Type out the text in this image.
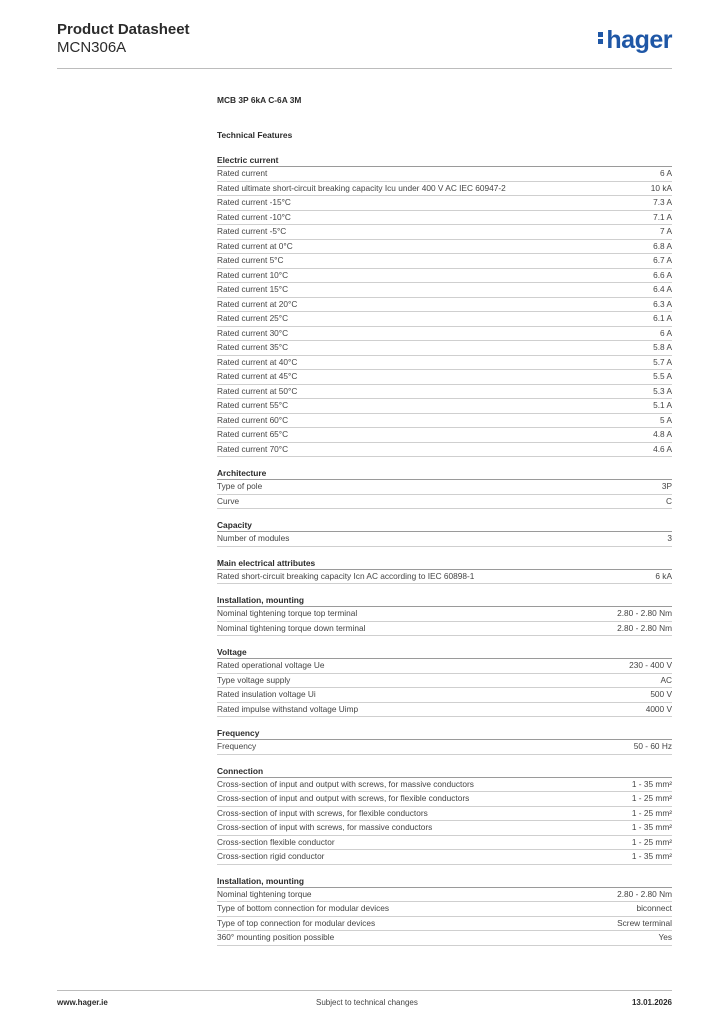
Product Datasheet
MCN306A	hager
MCB 3P 6kA C-6A 3M
Technical Features
Electric current
Rated current	6 A
Rated ultimate short-circuit breaking capacity Icu under 400 V AC IEC 60947-2	10 kA
Rated current -15°C	7.3 A
Rated current -10°C	7.1 A
Rated current -5°C	7 A
Rated current at 0°C	6.8 A
Rated current 5°C	6.7 A
Rated current 10°C	6.6 A
Rated current 15°C	6.4 A
Rated current at 20°C	6.3 A
Rated current 25°C	6.1 A
Rated current 30°C	6 A
Rated current 35°C	5.8 A
Rated current at 40°C	5.7 A
Rated current at 45°C	5.5 A
Rated current at 50°C	5.3 A
Rated current 55°C	5.1 A
Rated current 60°C	5 A
Rated current 65°C	4.8 A
Rated current 70°C	4.6 A
Architecture
Type of pole	3P
Curve	C
Capacity
Number of modules	3
Main electrical attributes
Rated short-circuit breaking capacity Icn AC according to IEC 60898-1	6 kA
Installation, mounting
Nominal tightening torque top terminal	2.80 - 2.80 Nm
Nominal tightening torque down terminal	2.80 - 2.80 Nm
Voltage
Rated operational voltage Ue	230 - 400 V
Type voltage supply	AC
Rated insulation voltage Ui	500 V
Rated impulse withstand voltage Uimp	4000 V
Frequency
Frequency	50 - 60 Hz
Connection
Cross-section of input and output with screws, for massive conductors	1 - 35 mm²
Cross-section of input and output with screws, for flexible conductors	1 - 25 mm²
Cross-section of input with screws, for flexible conductors	1 - 25 mm²
Cross-section of input with screws, for massive conductors	1 - 35 mm²
Cross-section flexible conductor	1 - 25 mm²
Cross-section rigid conductor	1 - 35 mm²
Installation, mounting
Nominal tightening torque	2.80 - 2.80 Nm
Type of bottom connection for modular devices	biconnect
Type of top connection for modular devices	Screw terminal
360° mounting position possible	Yes
www.hager.ie	Subject to technical changes	13.01.2026
